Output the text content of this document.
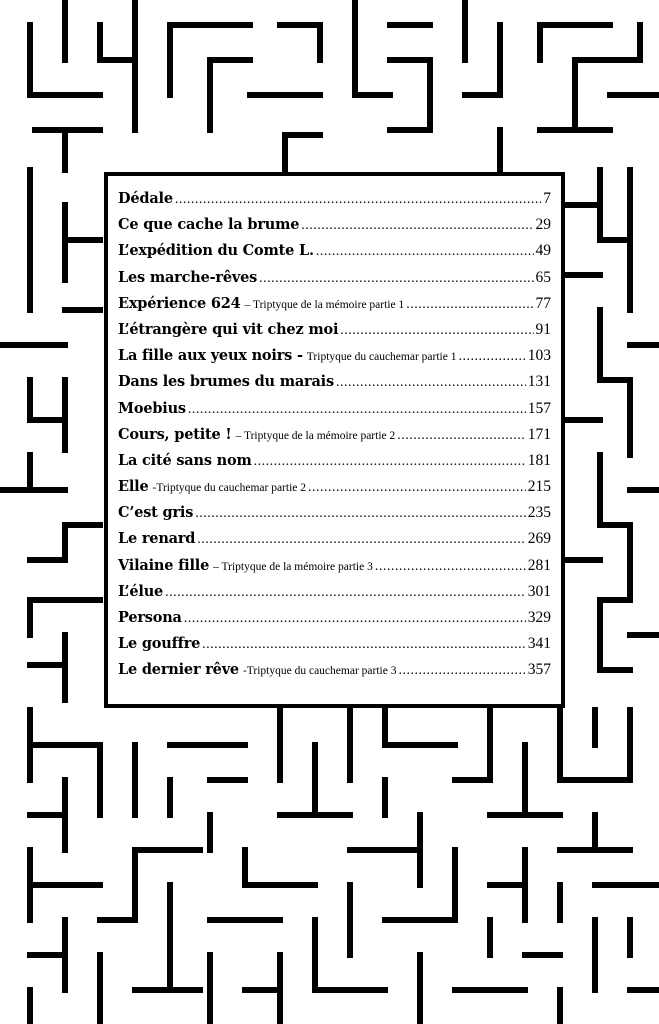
Dédale .....	7
Ce que cache la brume .....	29
L’expédition du Comte L. .....	49
Les marche-rêves .....	65
Expérience 624 – Triptyque de la mémoire partie 1 .....	77
L’étrangère qui vit chez moi .....	91
La fille aux yeux noirs - Triptyque du cauchemar partie 1 .....	103
Dans les brumes du marais .....	131
Moebius .....	157
Cours, petite ! – Triptyque de la mémoire partie 2 .....	171
La cité sans nom .....	181
Elle -Triptyque du cauchemar partie 2 .....	215
C’est gris .....	235
Le renard .....	269
Vilaine fille – Triptyque de la mémoire partie 3 .....	281
L’élue .....	301
Persona .....	329
Le gouffre .....	341
Le dernier rêve -Triptyque du cauchemar partie 3 .....	357
